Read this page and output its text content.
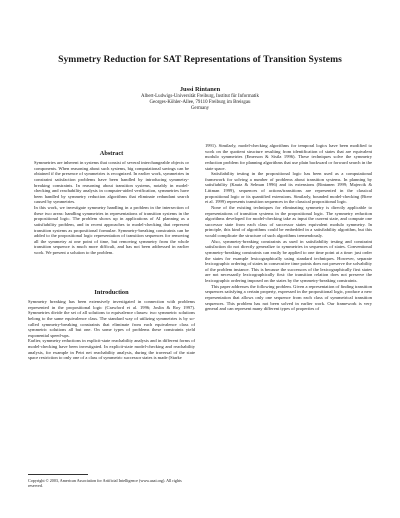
Symmetry Reduction for SAT Representations of Transition Systems
Jussi Rintanen
Albert-Ludwigs-Universität Freiburg, Institut für Informatik
Georges-Köhler-Allee, 79110 Freiburg im Breisgau
Germany
Abstract

Symmetries are inherent in systems that consist of several interchangeable objects or components. When reasoning about such systems, big computational savings can be obtained if the presence of symmetries is recognized. In earlier work, symmetries in constraint satisfaction problems have been handled by introducing symmetry-breaking constraints. In reasoning about transition systems, notably in model-checking and reachability analysis in computer-aided verification, symmetries have been handled by symmetry reduction algorithms that eliminate redundant search caused by symmetries.

In this work, we investigate symmetry handling in a problem in the intersection of these two areas: handling symmetries in representations of transition systems in the propositional logic. The problem shows up in applications of AI planning as a satisfiability problem, and in recent approaches to model-checking that represent transition systems as propositional formulae. Symmetry-breaking constraints can be added to the propositional logic representation of transition sequences for removing all the symmetry at one point of time, but removing symmetry from the whole transition sequence is much more difficult, and has not been addressed in earlier work. We present a solution to the problem.

Introduction

Symmetry breaking has been extensively investigated in connection with problems represented in the propositional logic (Crawford et al. 1996; Joslin & Roy 1997). Symmetries divide the set of all solutions to equivalence classes: two symmetric solutions belong to the same equivalence class. The standard way of utilizing symmetries is by so-called symmetry-breaking constraints that eliminate from each equivalence class of symmetric solutions all but one. On some types of problems these constraints yield exponential speed-ups.

Earlier, symmetry reductions in explicit-state reachability analysis and in different forms of model-checking have been investigated. In explicit-state model-checking and reachability analysis, for example in Petri net reachability analysis, during the traversal of the state space restriction to only one of a class of symmetric successor states is made (Starke

Copyright © 2003, American Association for Artificial Intelligence (www.aaai.org). All rights reserved.

1991). Similarly, model-checking algorithms for temporal logics have been modified to work on the quotient structure resulting from identification of states that are equivalent modulo symmetries (Emerson & Sistla 1996). These techniques solve the symmetry reduction problem for planning algorithms that use plain backward or forward search in the state space.

Satisfiability testing in the propositional logic has been used as a computational framework for solving a number of problems about transition systems. In planning by satisfiability (Kautz & Selman 1996) and its extensions (Rintanen 1999; Majercik & Littman 1999), sequences of actions/transitions are represented in the classical propositional logic or its quantified extensions. Similarly, bounded model-checking (Biere et al. 1999) represents transition sequences in the classical propositional logic.

None of the existing techniques for eliminating symmetry is directly applicable to representations of transition systems in the propositional logic. The symmetry reduction algorithms developed for model-checking take as input the current state, and compute one successor state from each class of successor states equivalent modulo symmetry. In principle, this kind of algorithms could be embedded in a satisfiability algorithm, but this would complicate the structure of such algorithms tremendously.

Also, symmetry-breaking constraints as used in satisfiability testing and constraint satisfaction do not directly generalize to symmetries in sequences of states. Conventional symmetry-breaking constraints can easily be applied to one time point at a time: just order the states for example lexicographically using standard techniques. However, separate lexicographic ordering of states in consecutive time points does not preserve the solvability of the problem instance. This is because the successors of the lexicographically first states are not necessarily lexicographically first: the transition relation does not preserve the lexicographic ordering imposed on the states by the symmetry-breaking constraints.

This paper addresses the following problem. Given a representation of finding transition sequences satisfying a certain property, expressed in the propositional logic, produce a new representation that allows only one sequence from each class of symmetrical transition sequences. This problem has not been solved in earlier work. Our framework is very general and can represent many different types of properties of
